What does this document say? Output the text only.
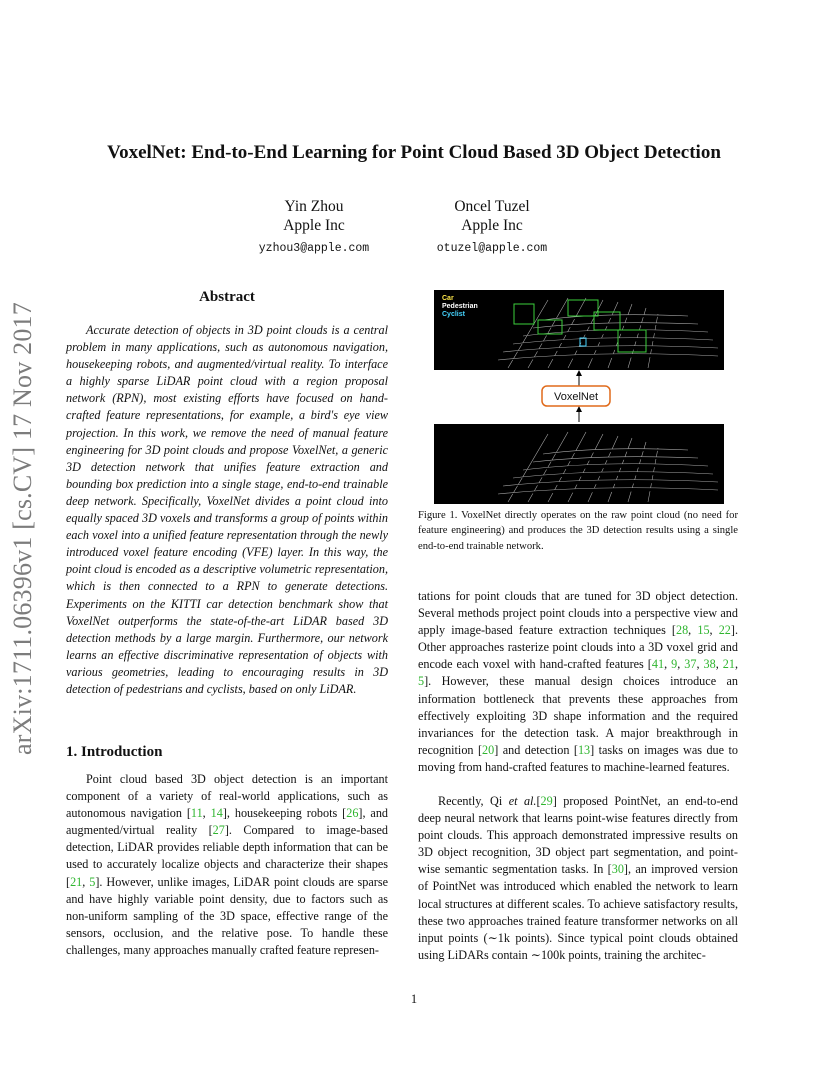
arXiv:1711.06396v1 [cs.CV] 17 Nov 2017
VoxelNet: End-to-End Learning for Point Cloud Based 3D Object Detection
Yin Zhou
Apple Inc
yzhou3@apple.com
Oncel Tuzel
Apple Inc
otuzel@apple.com
Abstract
Accurate detection of objects in 3D point clouds is a central problem in many applications, such as autonomous navigation, housekeeping robots, and augmented/virtual reality. To interface a highly sparse LiDAR point cloud with a region proposal network (RPN), most existing efforts have focused on hand-crafted feature representations, for example, a bird's eye view projection. In this work, we remove the need of manual feature engineering for 3D point clouds and propose VoxelNet, a generic 3D detection network that unifies feature extraction and bounding box prediction into a single stage, end-to-end trainable deep network. Specifically, VoxelNet divides a point cloud into equally spaced 3D voxels and transforms a group of points within each voxel into a unified feature representation through the newly introduced voxel feature encoding (VFE) layer. In this way, the point cloud is encoded as a descriptive volumetric representation, which is then connected to a RPN to generate detections. Experiments on the KITTI car detection benchmark show that VoxelNet outperforms the state-of-the-art LiDAR based 3D detection methods by a large margin. Furthermore, our network learns an effective discriminative representation of objects with various geometries, leading to encouraging results in 3D detection of pedestrians and cyclists, based on only LiDAR.
1. Introduction
Point cloud based 3D object detection is an important component of a variety of real-world applications, such as autonomous navigation [11, 14], housekeeping robots [26], and augmented/virtual reality [27]. Compared to image-based detection, LiDAR provides reliable depth information that can be used to accurately localize objects and characterize their shapes [21, 5]. However, unlike images, LiDAR point clouds are sparse and have highly variable point density, due to factors such as non-uniform sampling of the 3D space, effective range of the sensors, occlusion, and the relative pose. To handle these challenges, many approaches manually crafted feature represen-
Car
Pedestrian
Cyclist
VoxelNet
Figure 1. VoxelNet directly operates on the raw point cloud (no need for feature engineering) and produces the 3D detection results using a single end-to-end trainable network.
tations for point clouds that are tuned for 3D object detection. Several methods project point clouds into a perspective view and apply image-based feature extraction techniques [28, 15, 22]. Other approaches rasterize point clouds into a 3D voxel grid and encode each voxel with hand-crafted features [41, 9, 37, 38, 21, 5]. However, these manual design choices introduce an information bottleneck that prevents these approaches from effectively exploiting 3D shape information and the required invariances for the detection task. A major breakthrough in recognition [20] and detection [13] tasks on images was due to moving from hand-crafted features to machine-learned features.
Recently, Qi et al.[29] proposed PointNet, an end-to-end deep neural network that learns point-wise features directly from point clouds. This approach demonstrated impressive results on 3D object recognition, 3D object part segmentation, and point-wise semantic segmentation tasks. In [30], an improved version of PointNet was introduced which enabled the network to learn local structures at different scales. To achieve satisfactory results, these two approaches trained feature transformer networks on all input points (∼1k points). Since typical point clouds obtained using LiDARs contain ∼100k points, training the architec-
1
